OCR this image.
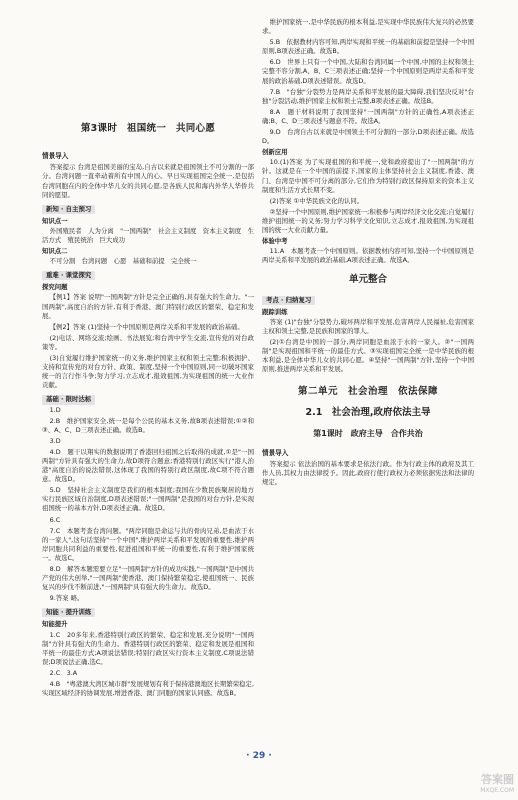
第3课时　祖国统一　共同心愿
情景导入

答案提示 台湾是祖国美丽的宝岛,自古以来就是祖国领土不可分割的一部分。台湾问题一直牵动着所有中国人的心。早日实现祖国完全统一,是包括台湾同胞在内的全体中华儿女的共同心愿,是各族人民和海内外华人华侨共同的愿望。

新知 · 自主预习

知识点一

外国殖民者　人为分离　"一国两制"　社会主义制度　资本主义制度　生活方式　殖民统治　巨大成功

知识点二

不可分割　台湾问题　心愿　基础和前提　完全统一

重难 · 课堂探究

探究问题

【例1】答案 说明"一国两制"方针是完全正确的,具有强大的生命力。"一国两制",高度自治的方针,有利于香港、澳门特别行政区的繁荣、稳定和发展。

【例2】答案 (1)坚持一个中国原则是两岸关系和平发展的政治基础。

(2)电话、网络交流;绘画、书法展览;和台湾中学生交流,宣传党的对台政策等。

(3)自觉履行维护国家统一的义务,维护国家主权和领土完整;积极拥护、支持和宣传党的对台方针、政策、制度,坚持一个中国原则,同一切破坏国家统一的言行作斗争;努力学习,立志成才,报效祖国,为实现祖国的统一大业作贡献。

基础 · 限时达标

1.D

2.B　维护国家安全,统一是每个公民的基本义务,故B项表述错误;①②和③、A、C、D三项表述正确。故选B。

3.D

4.D　题干以翔实的数据说明了香港回归祖国之后取得的成就,①是"一国两制"方针具有强大的生命力,故D项符合题意;香港特别行政区实行"港人治港"高度自治的说法错误,这体现了我国的特别行政区制度,故C项不符合题意。故选D。

5.D　坚持社会主义制度是我们的根本制度;我国在少数民族聚居的地方实行民族区域自治制度,D项表述错误;"一国两制"是我国的对台方针,是实现祖国统一的基本方针,D项表述正确。故选D。

6.C

7.C　本题考查台湾问题。"两岸同胞是命运与共的骨肉兄弟,是血浓于水的一家人",这句话坚持"一个中国",维护两岸关系和平发展的重要性,维护两岸同胞共同利益的重要性,促进祖国和平统一的重要性,有利于维护国家统一。故选C。

8.D　解答本题需要立足"一国两制"方针的成功实践,"一国两制"是中国共产党的伟大创举,"一国两制"使香港、澳门保持繁荣稳定,使祖国统一、民族复兴的步伐不断前进,"一国两制"具有强大的生命力。故选D。

9.答案 略。

知能 · 提升训练

知能提升

1.C　20多年来,香港特别行政区的繁荣、稳定和发展,充分说明"一国两制"方针具有强大的生命力。香港特别行政区的繁荣、稳定和发展是祖国和平统一的最佳方式;A项说法错误;特别行政区实行资本主义制度,C项说法错误;D项说法正确,选C。

2.C　3.A

4.B　"粤港澳大湾区城市群"发展规划有利于保持港澳地区长期繁荣稳定,实现区域经济的协调发展,增进香港、澳门同胞的国家认同感。故选B。

维护国家统一,是中华民族的根本利益,是实现中华民族伟大复兴的必然要求。

5.B　依据教材内容可知,两岸实现和平统一的基础和前提是坚持一个中国原则,B项表述正确。故选B。

6.D　世界上只有一个中国,大陆和台湾同属一个中国,中国的主权和领土完整不容分割,A、B、C三项表述正确;坚持一个中国原则是两岸关系和平发展的政治基础,D项表述错误。故选D。

7.B　"台独"分裂势力是两岸关系和平发展的最大障碍,我们坚决反对"台独"分裂活动,维护国家主权和领土完整,B项表述正确。故选B。

8.A　题干材料说明了我国坚持"一国两制"方针的正确性,A项表述正确;B、C、D三项表述与题意不符。故选A。

9.D　台湾自古以来就是中国领土不可分割的一部分,D项表述正确。故选D。

创新应用

10.(1)答案 为了实现祖国的和平统一,党和政府提出了"一国两制"的方针。这就是在一个中国的前提下,国家的主体坚持社会主义制度,香港、澳门、台湾是中国不可分离的部分,它们作为特别行政区保持原来的资本主义制度和生活方式长期不变。

(2)答案 ①中华民族文化的认同。

②坚持一个中国原则,维护国家统一;积极参与两岸经济文化交流;自觉履行维护祖国统一的义务;努力学习科学文化知识,立志成才,报效祖国,为实现祖国的统一大业贡献力量。

体验中考

11.A　本题考查一个中国原则。依据教材内容可知,坚持一个中国原则是两岸关系和平发展的政治基础,A项表述正确。故选A。

单元整合

考点 · 归纳复习

跟踪训练

答案 (1)"台独"分裂势力,破坏两岸和平发展,危害两岸人民福祉,危害国家主权和领土完整,是民族和国家的罪人。

(2)①台湾是中国的一部分,两岸同胞是血浓于水的一家人。②"一国两制"是实现祖国和平统一的最佳方式。③实现祖国完全统一是中华民族的根本利益,是全体中华儿女的共同心愿。④坚持"一国两制"方针,坚持一个中国原则,推进两岸关系和平发展。

第二单元　社会治理　依法保障

2.1　社会治理,政府依法主导

第1课时　政府主导　合作共治

情景导入

答案提示 依法治国的基本要求是依法行政。作为行政主体的政府及其工作人员,其权力由法律授予。因此,政府行使行政权力必须依据宪法和法律的规定。

· 29 ·
答案圈
MXQE.COM
